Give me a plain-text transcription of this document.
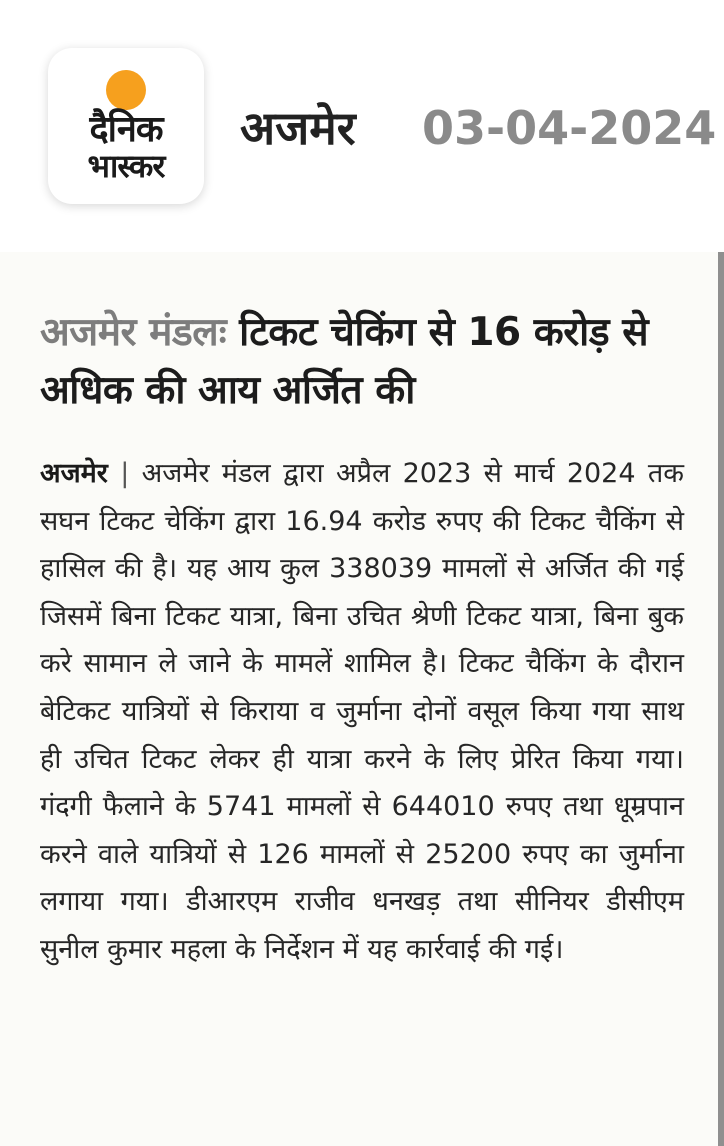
दैनिक
भास्कर
अजमेर 03-04-2024
अजमेर मंडलः टिकट चेकिंग से 16 करोड़ से अधिक की आय अर्जित की
अजमेर | अजमेर मंडल द्वारा अप्रैल 2023 से मार्च 2024 तक सघन टिकट चेकिंग द्वारा 16.94 करोड रुपए की टिकट चैकिंग से हासिल की है। यह आय कुल 338039 मामलों से अर्जित की गई जिसमें बिना टिकट यात्रा, बिना उचित श्रेणी टिकट यात्रा, बिना बुक करे सामान ले जाने के मामलें शामिल है। टिकट चैकिंग के दौरान बेटिकट यात्रियों से किराया व जुर्माना दोनों वसूल किया गया साथ ही उचित टिकट लेकर ही यात्रा करने के लिए प्रेरित किया गया। गंदगी फैलाने के 5741 मामलों से 644010 रुपए तथा धूम्रपान करने वाले यात्रियों से 126 मामलों से 25200 रुपए का जुर्माना लगाया गया। डीआरएम राजीव धनखड़ तथा सीनियर डीसीएम सुनील कुमार महला के निर्देशन में यह कार्रवाई की गई।
